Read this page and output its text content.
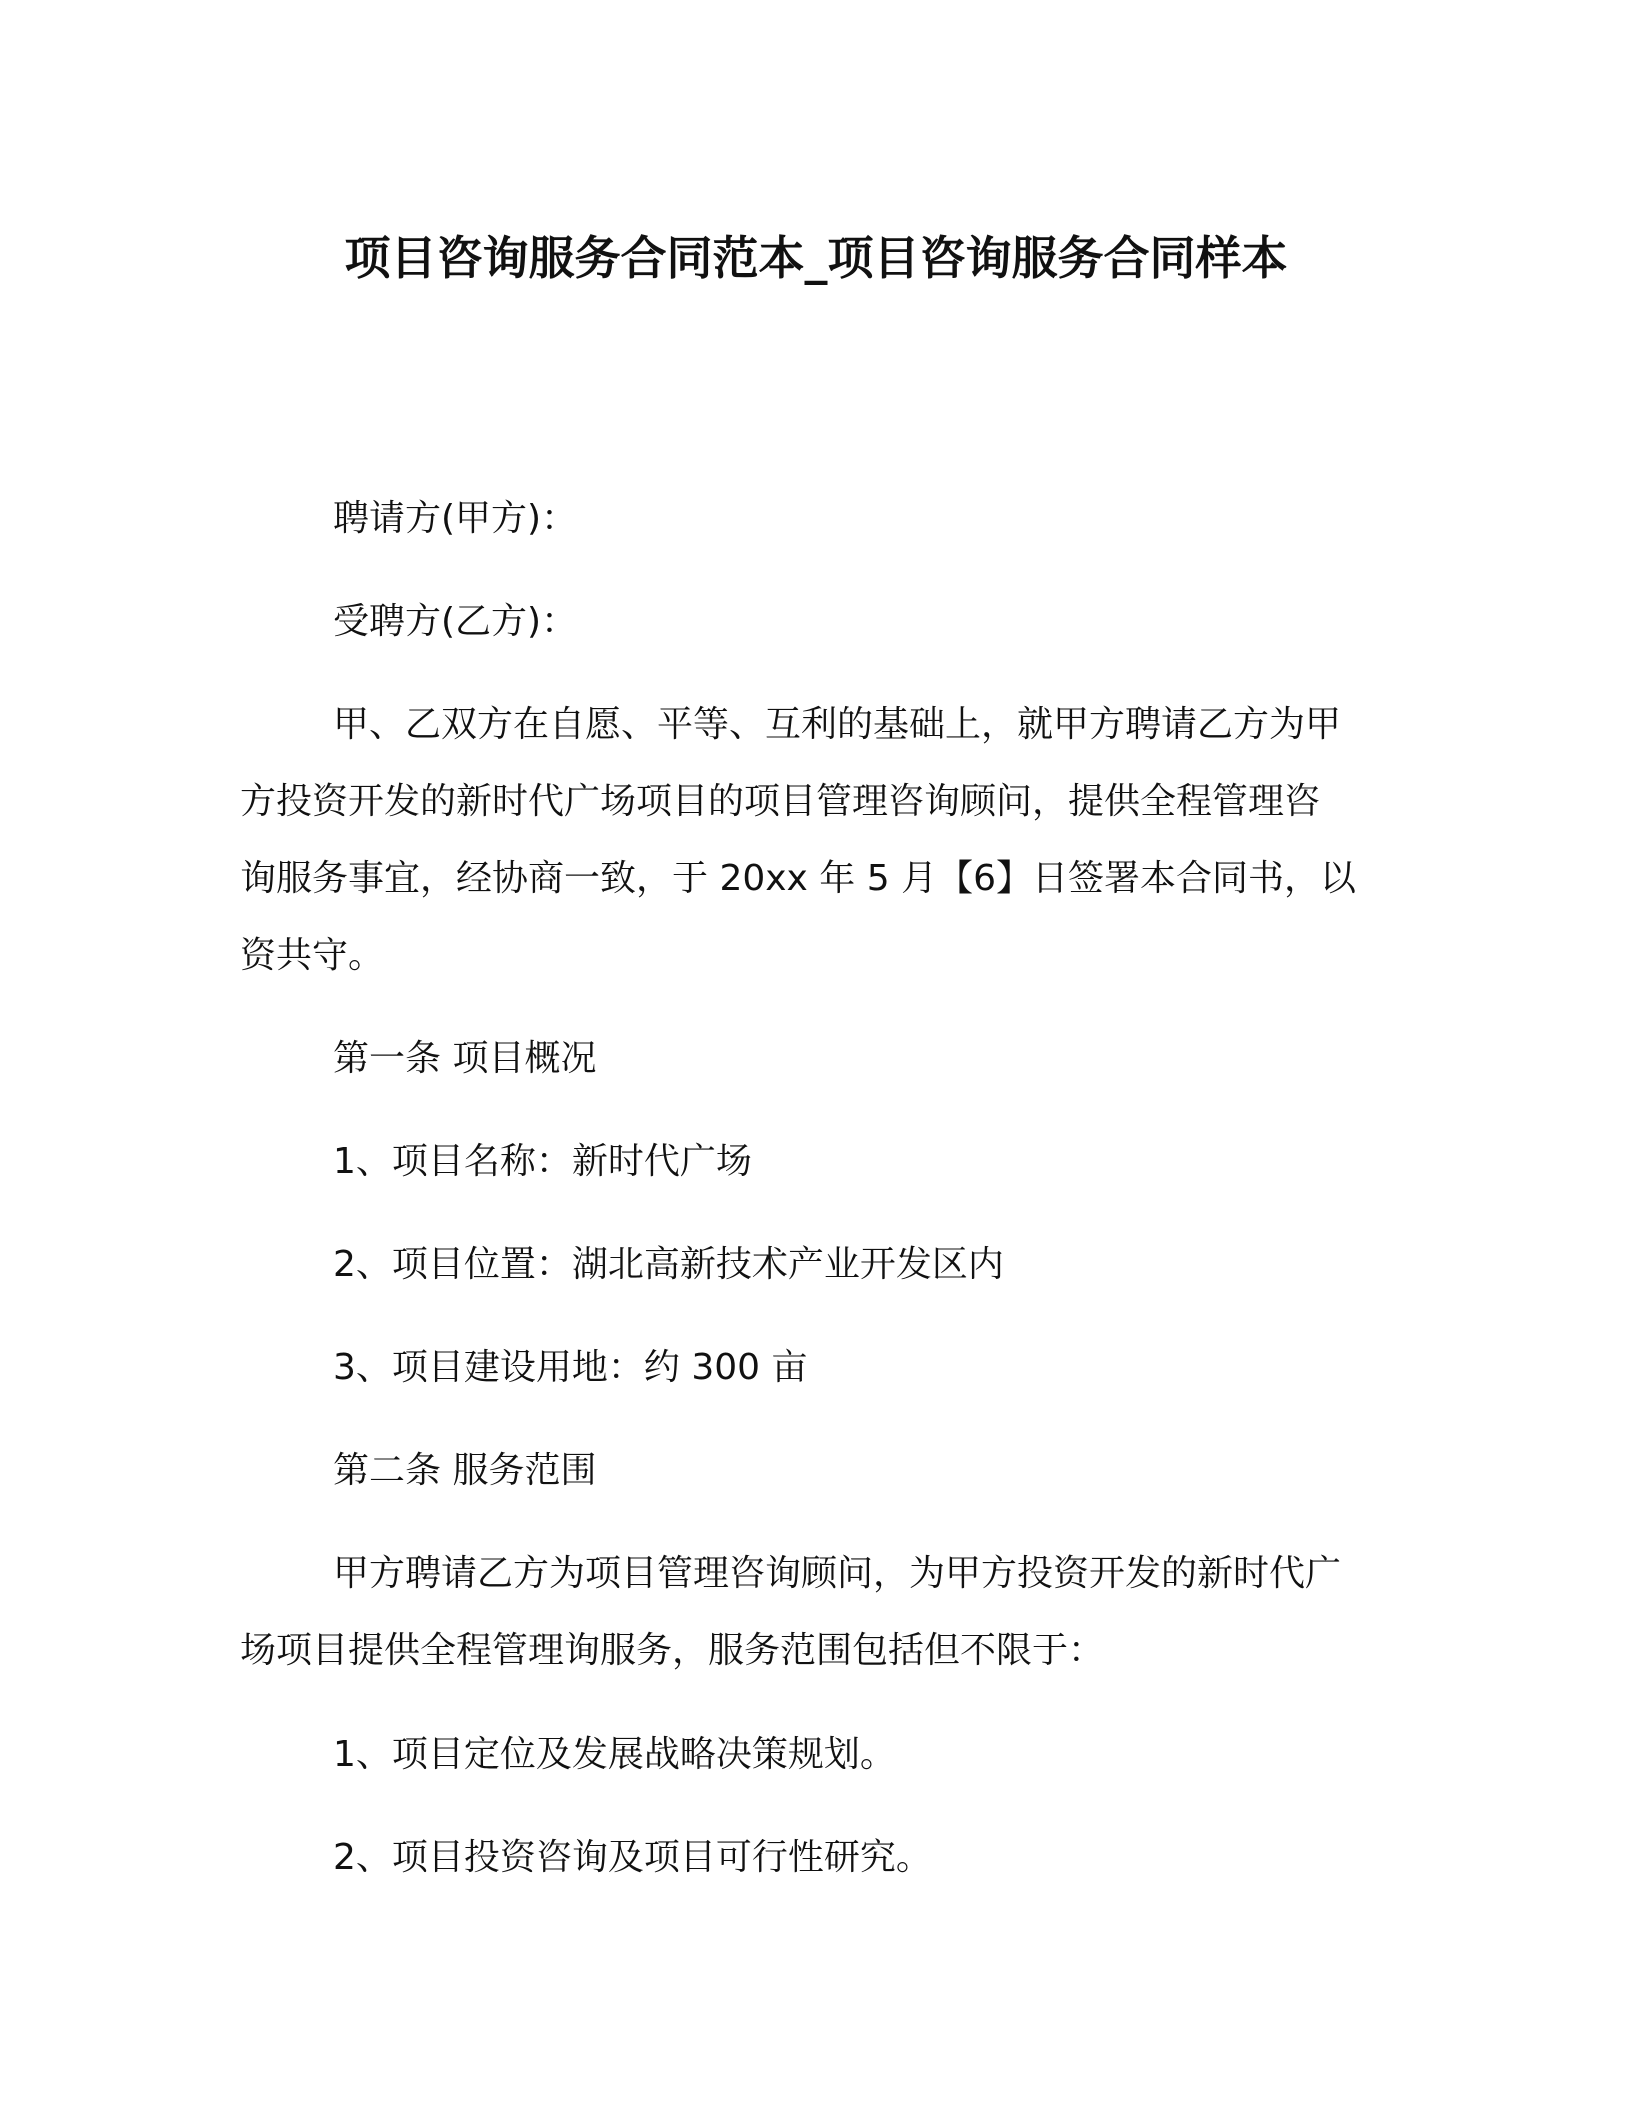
项目咨询服务合同范本_项目咨询服务合同样本

聘请方(甲方)：

受聘方(乙方)：

甲、乙双方在自愿、平等、互利的基础上，就甲方聘请乙方为甲

方投资开发的新时代广场项目的项目管理咨询顾问，提供全程管理咨

询服务事宜，经协商一致，于 20xx 年 5 月【6】日签署本合同书，以

资共守。

第一条 项目概况

1、项目名称：新时代广场

2、项目位置：湖北高新技术产业开发区内

3、项目建设用地：约 300 亩

第二条 服务范围

甲方聘请乙方为项目管理咨询顾问，为甲方投资开发的新时代广

场项目提供全程管理询服务，服务范围包括但不限于：

1、项目定位及发展战略决策规划。

2、项目投资咨询及项目可行性研究。
